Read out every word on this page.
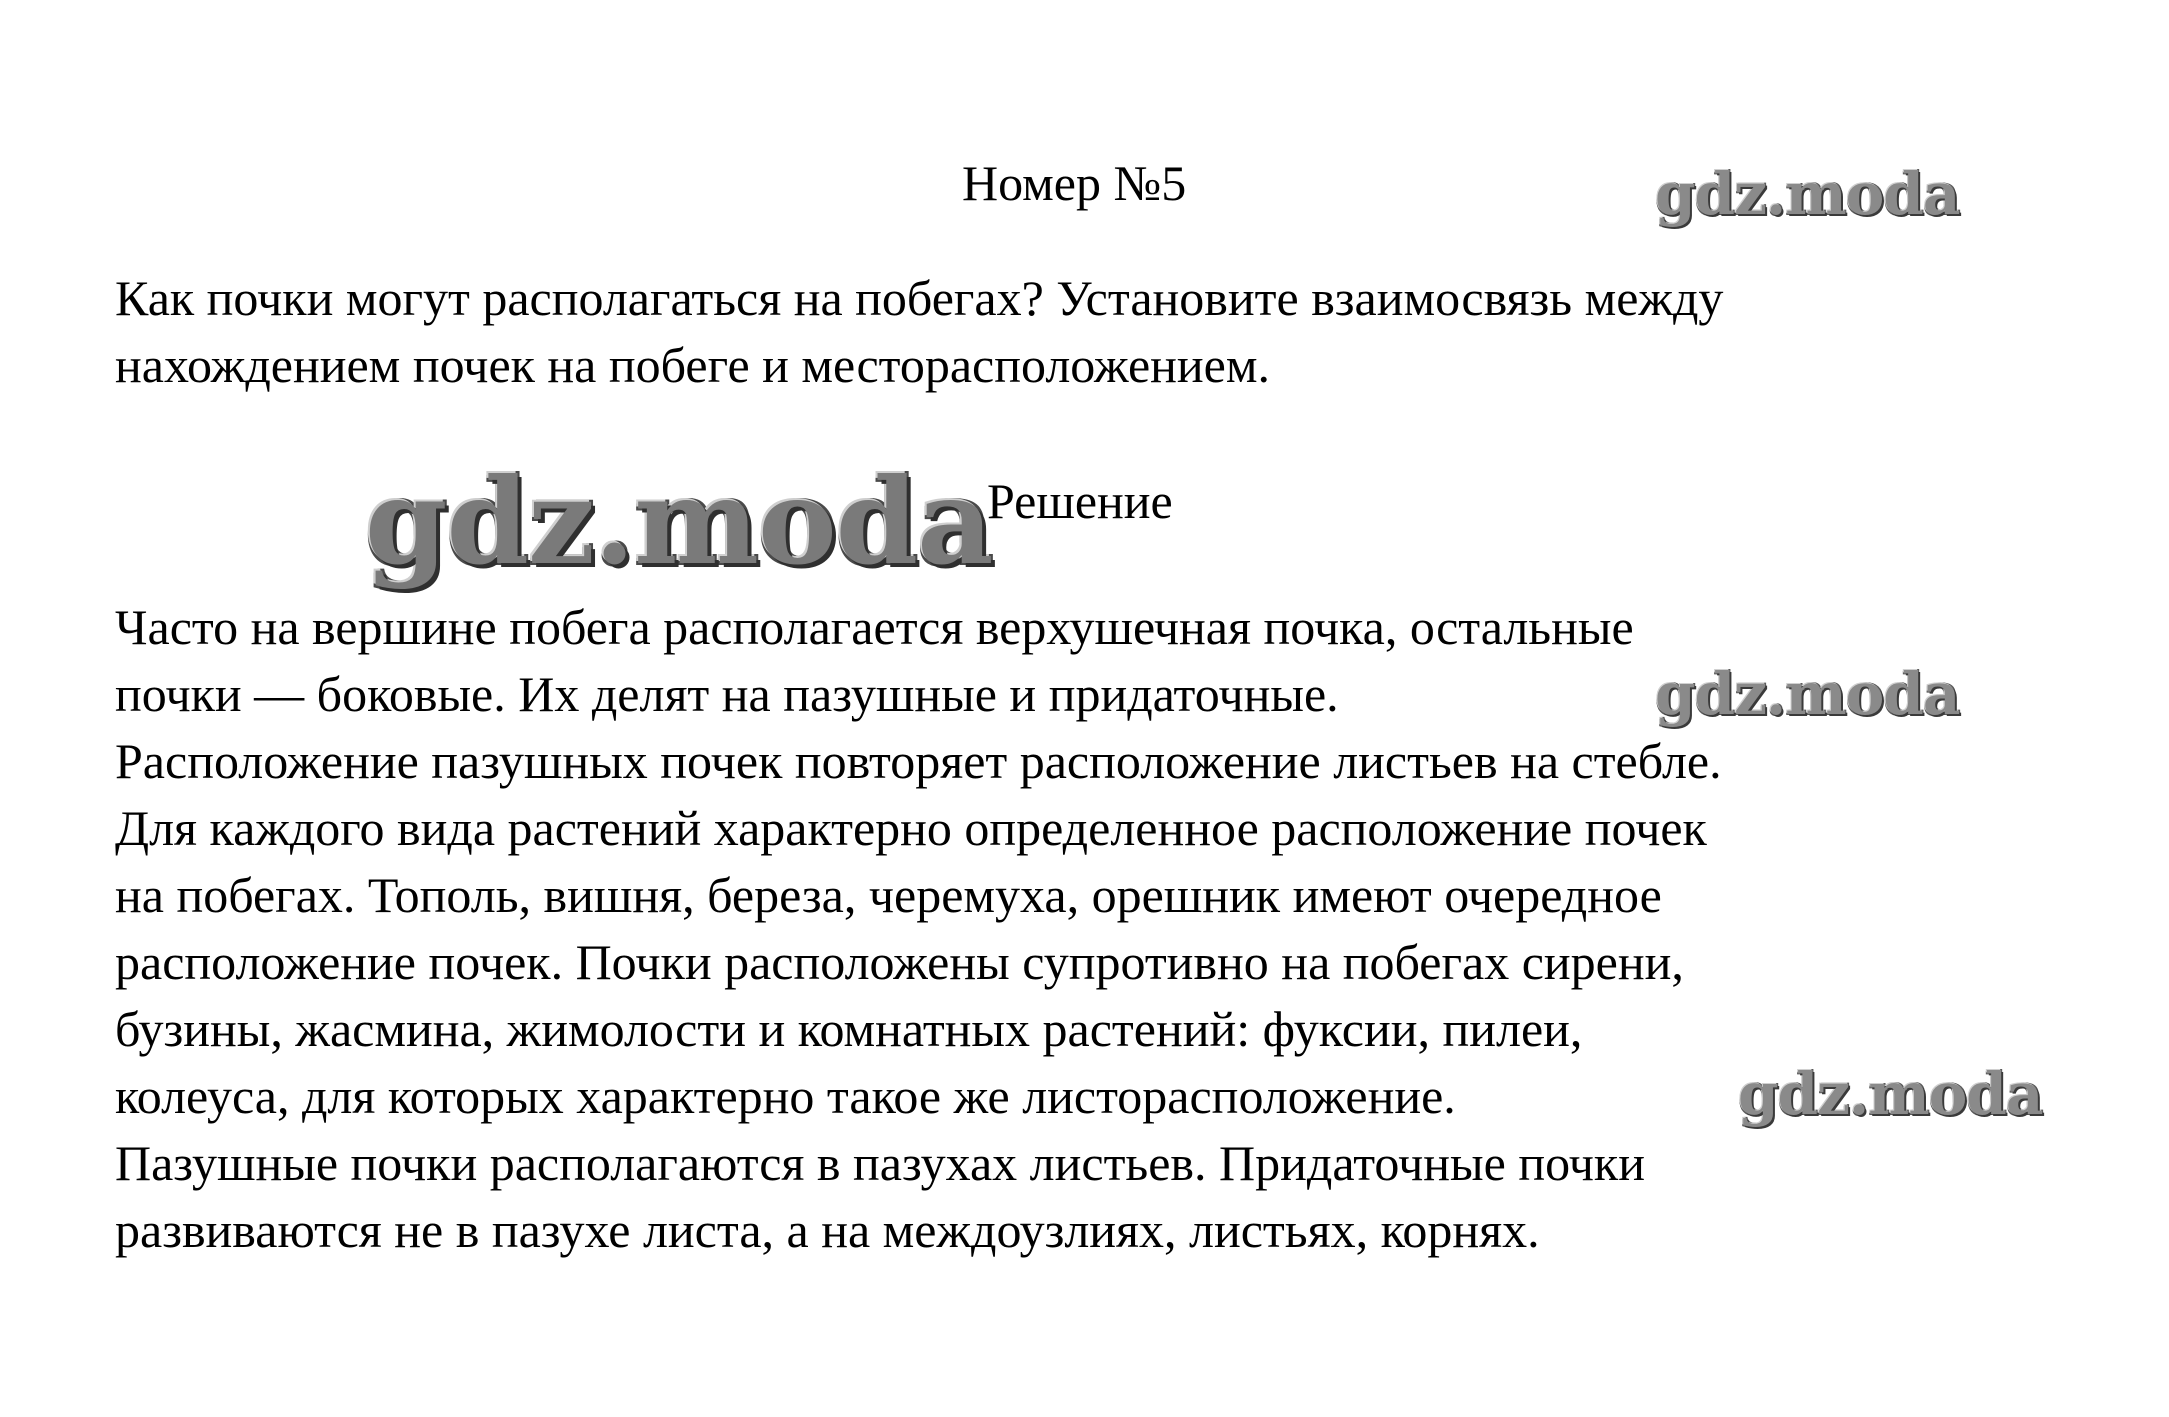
Номер №5	gdz.moda
Как почки могут располагаться на побегах? Установите взаимосвязь между
нахождением почек на побеге и месторасположением.
gdz.moda
Решение
Часто на вершине побега располагается верхушечная почка, остальные
почки — боковые. Их делят на пазушные и придаточные.
Расположение пазушных почек повторяет расположение листьев на стебле.
Для каждого вида растений характерно определенное расположение почек
на побегах. Тополь, вишня, береза, черемуха, орешник имеют очередное
расположение почек. Почки расположены супротивно на побегах сирени,
бузины, жасмина, жимолости и комнатных растений: фуксии, пилеи,
колеуса, для которых характерно такое же листорасположение.
Пазушные почки располагаются в пазухах листьев. Придаточные почки
развиваются не в пазухе листа, а на междоузлиях, листьях, корнях.
gdz.moda
gdz.moda
